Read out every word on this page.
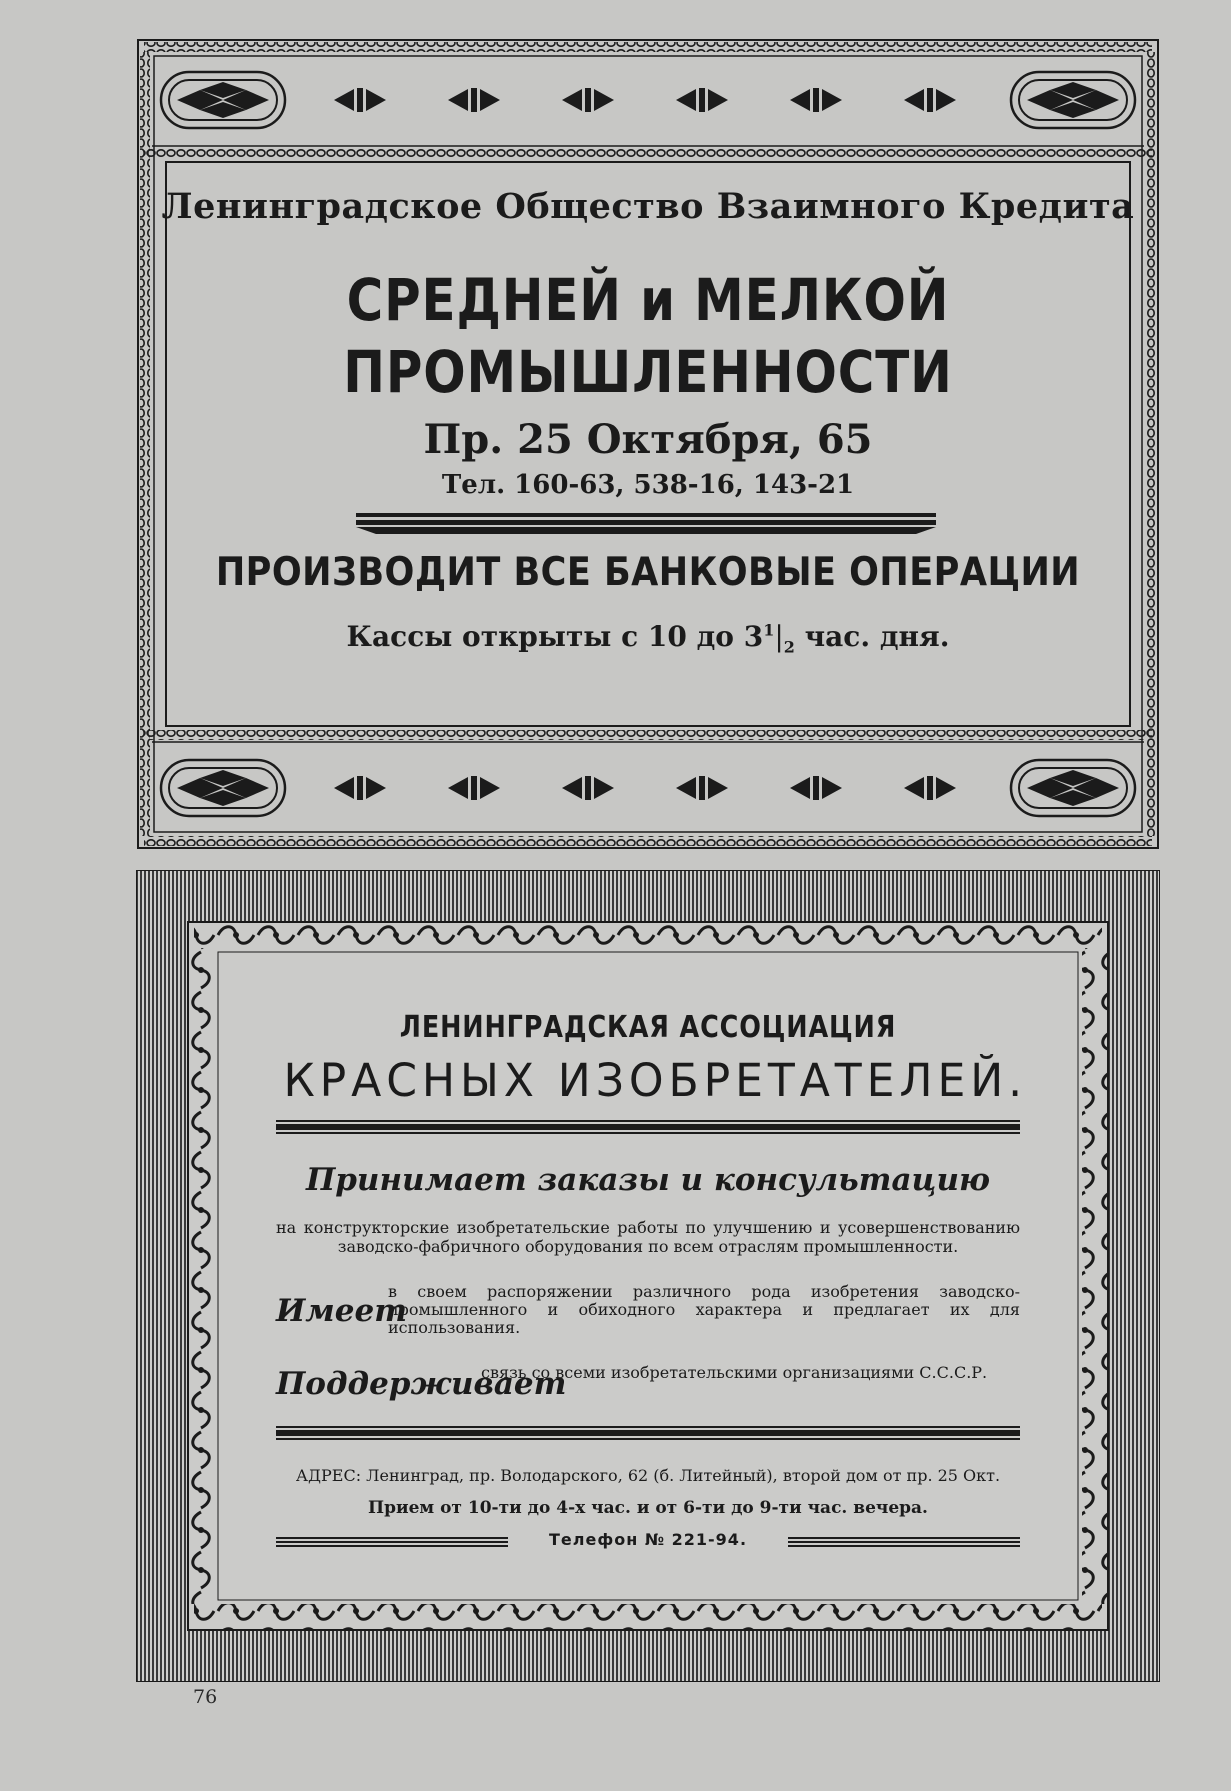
Ленинградское Общество Взаимного Кредита
СРЕДНЕЙ и МЕЛКОЙ
ПРОМЫШЛЕННОСТИ
Пр. 25 Октября, 65
Тел. 160-63, 538-16, 143-21
ПРОИЗВОДИТ ВСЕ БАНКОВЫЕ ОПЕРАЦИИ
Кассы открыты с 10 до $3^1|_2$ час. дня.
ЛЕНИНГРАДСКАЯ АССОЦИАЦИЯ
КРАСНЫХ ИЗОБРЕТАТЕЛЕЙ.
Принимает заказы и консультацию
на конструкторские изобретательские работы по улучшению и усовершенствованию заводско-фабричного оборудования по всем отраслям промышленности.
Имеет
в своем распоряжении различного рода изобретения заводско-промышленного и обиходного характера и предлагает их для использования.
Поддерживает
связь со всеми изобретательскими организациями С.С.С.Р.
АДРЕС: Ленинград, пр. Володарского, 62 (б. Литейный), второй дом от пр. 25 Окт.
Прием от 10-ти до 4-х час. и от 6-ти до 9-ти час. вечера.
Телефон № 221-94.
76
